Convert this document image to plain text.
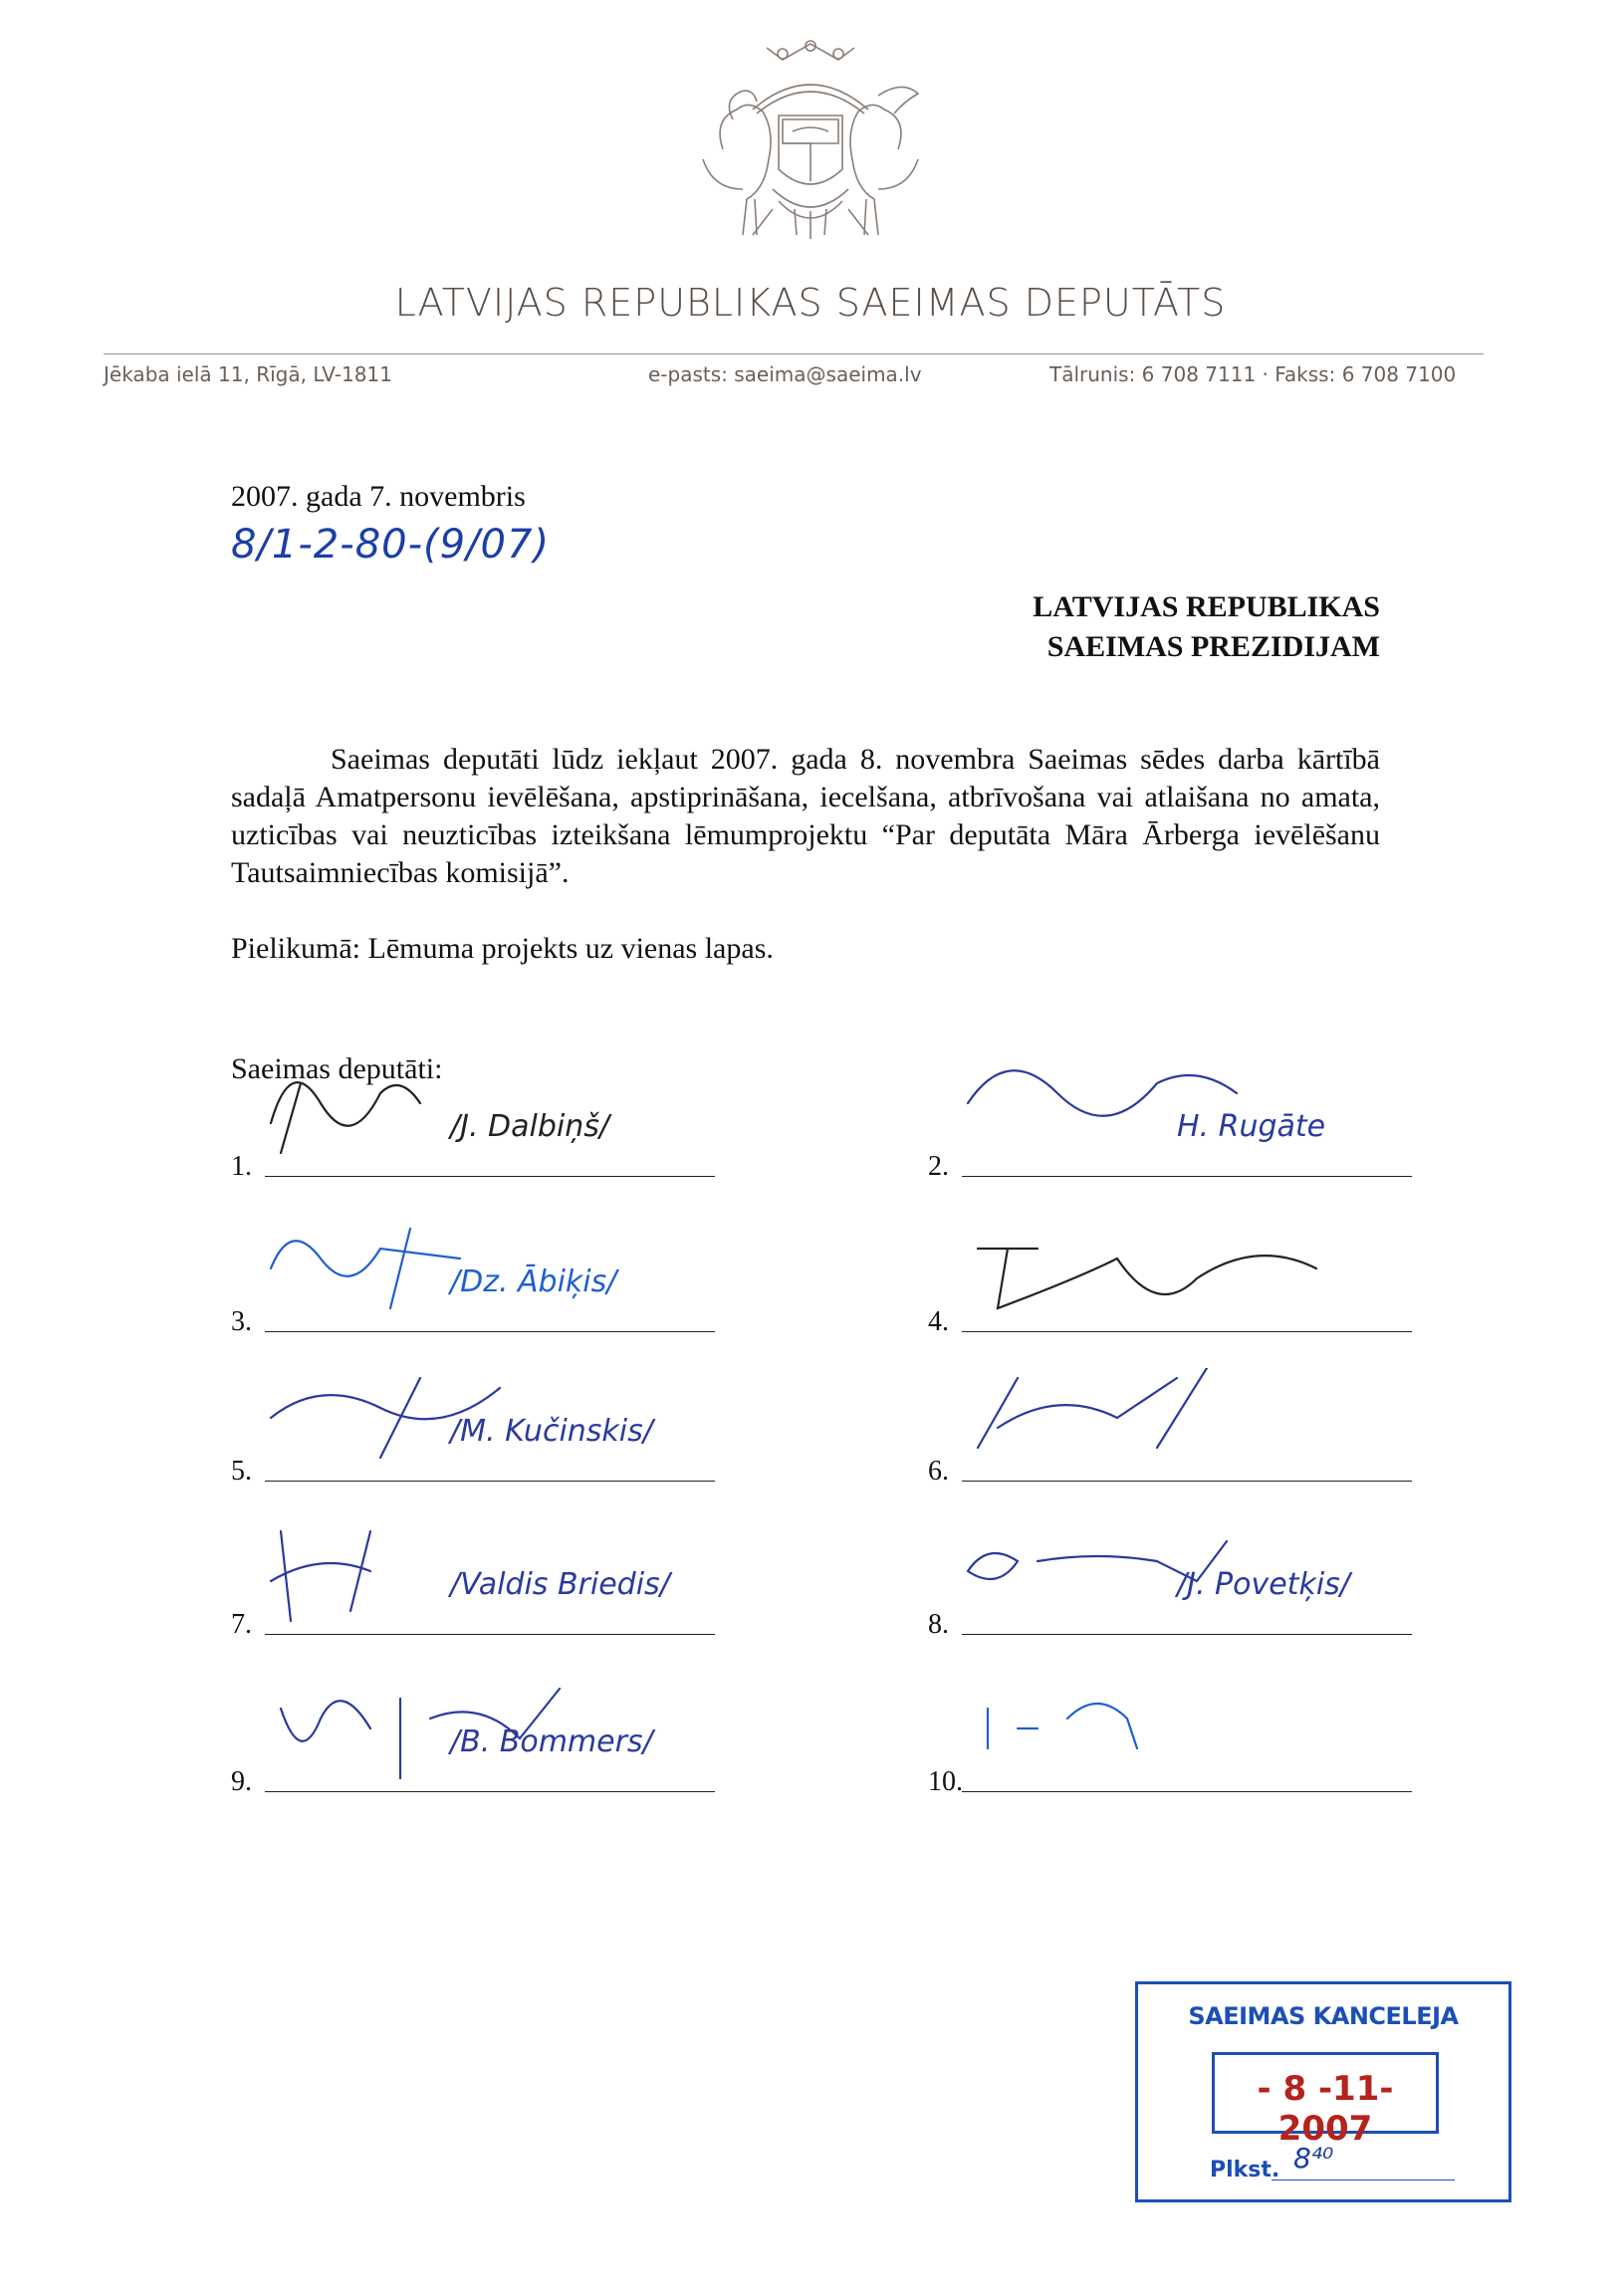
LATVIJAS REPUBLIKAS SAEIMAS DEPUTĀTS
Jēkaba ielā 11, Rīgā, LV-1811	e-pasts: saeima@saeima.lv	Tālrunis: 6 708 7111 · Fakss: 6 708 7100
2007. gada 7. novembris
8/1-2-80-(9/07)
LATVIJAS REPUBLIKAS
SAEIMAS PREZIDIJAM
Saeimas deputāti lūdz iekļaut 2007. gada 8. novembra Saeimas sēdes darba kārtībā sadaļā Amatpersonu ievēlēšana, apstiprināšana, iecelšana, atbrīvošana vai atlaišana no amata, uzticības vai neuzticības izteikšana lēmumprojektu “Par deputāta Māra Ārberga ievēlēšanu Tautsaimniecības komisijā”.
Pielikumā: Lēmuma projekts uz vienas lapas.
Saeimas deputāti:
1.
/J. Dalbiņš/
2.
H. Rugāte
3.
/Dz. Ābiķis/
4.
5.
/M. Kučinskis/
6.
7.
/Valdis Briedis/
8.
/J. Povetķis/
9.
/B. Bommers/
10.
SAEIMAS KANCELEJA
- 8 -11- 2007
Plkst. 8⁴⁰
